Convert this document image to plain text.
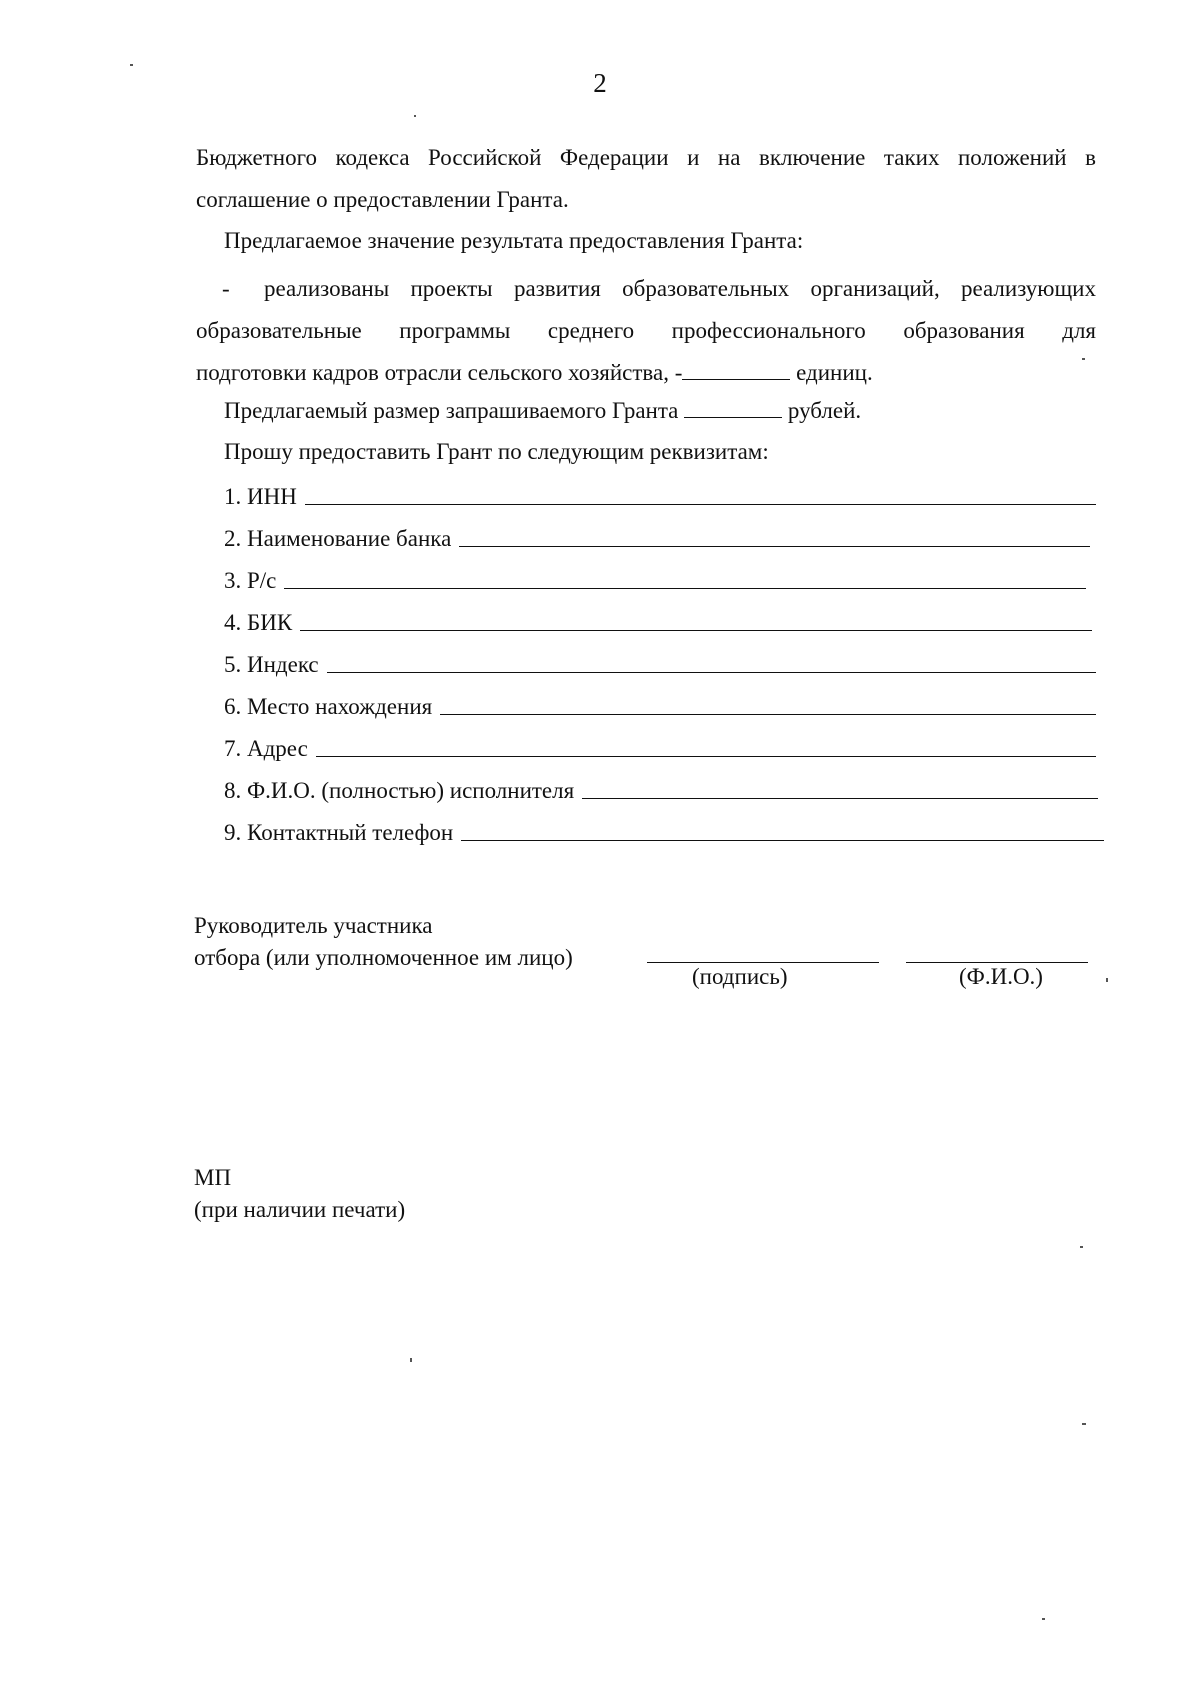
2
Бюджетного кодекса Российской Федерации и на включение таких положений в
соглашение о предоставлении Гранта.
Предлагаемое значение результата предоставления Гранта:
-	реализованы проекты развития образовательных организаций, реализующих
образовательные программы среднего профессионального образования для
подготовки кадров отрасли сельского хозяйства, -	единиц.
Предлагаемый размер запрашиваемого Гранта	рублей.
Прошу предоставить Грант по следующим реквизитам:
1. ИНН
2. Наименование банка
3. Р/с
4. БИК
5. Индекс
6. Место нахождения
7. Адрес
8. Ф.И.О. (полностью) исполнителя
9. Контактный телефон
Руководитель участника
отбора (или уполномоченное им лицо)
(подпись)	(Ф.И.О.)
МП
(при наличии печати)
